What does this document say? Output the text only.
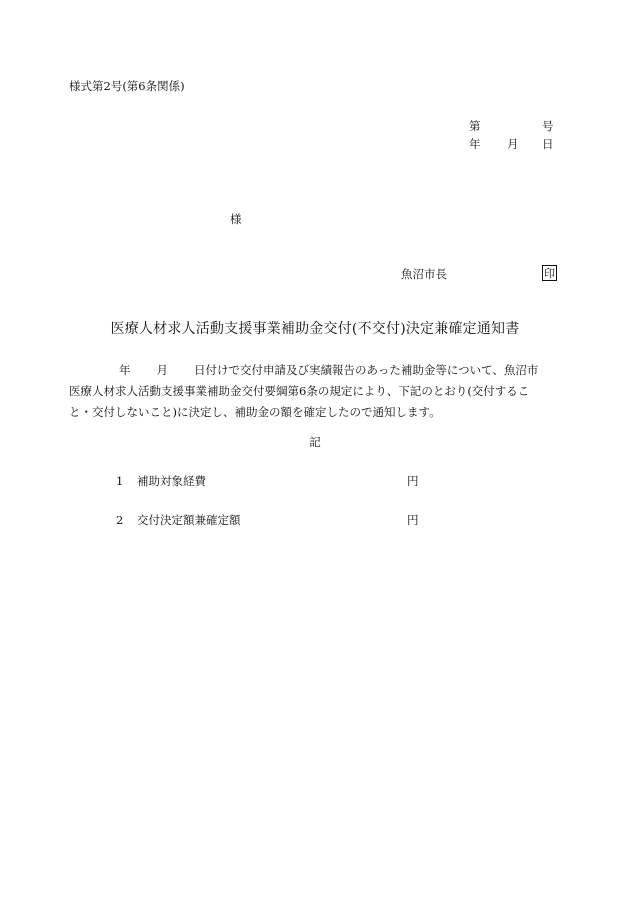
様式第2号(第6条関係)
第	号
年 月 日
様
魚沼市長	印
医療人材求人活動支援事業補助金交付(不交付)決定兼確定通知書
年 月 日付けで交付申請及び実績報告のあった補助金等について、魚沼市
医療人材求人活動支援事業補助金交付要綱第6条の規定により、下記のとおり(交付するこ
と・交付しないこと)に決定し、補助金の額を確定したので通知します。
記
1 補助対象経費	円
2 交付決定額兼確定額	円
